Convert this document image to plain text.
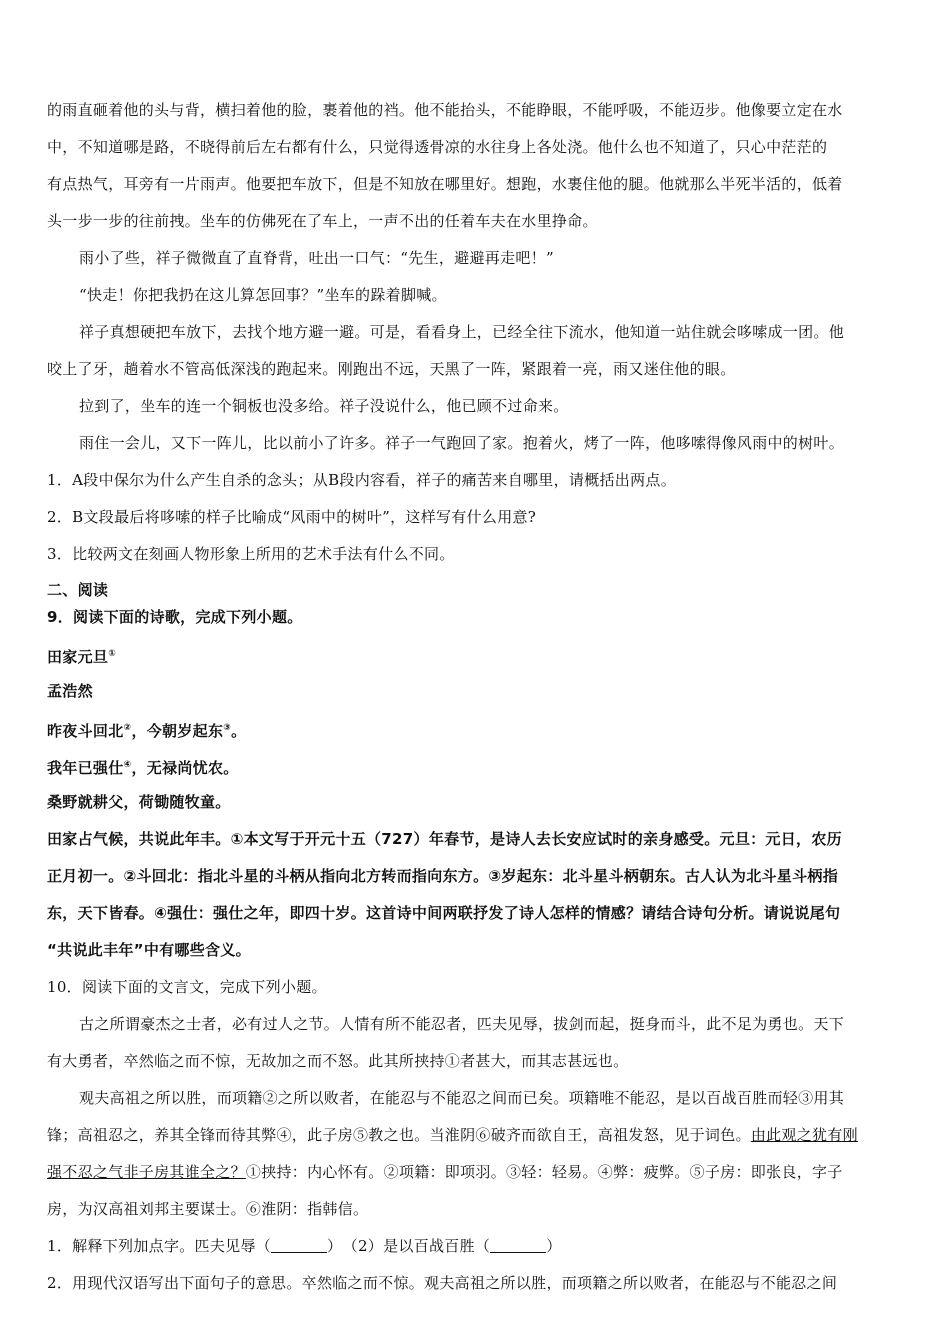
的雨直砸着他的头与背，横扫着他的脸，裹着他的裆。他不能抬头，不能睁眼，不能呼吸，不能迈步。他像要立定在水
中，不知道哪是路，不晓得前后左右都有什么，只觉得透骨凉的水往身上各处浇。他什么也不知道了，只心中茫茫的
有点热气，耳旁有一片雨声。他要把车放下，但是不知放在哪里好。想跑，水裹住他的腿。他就那么半死半活的，低着
头一步一步的往前拽。坐车的仿佛死在了车上，一声不出的任着车夫在水里挣命。
雨小了些，祥子微微直了直脊背，吐出一口气：“先生，避避再走吧！”
“快走！你把我扔在这儿算怎回事？”坐车的跺着脚喊。
祥子真想硬把车放下，去找个地方避一避。可是，看看身上，已经全往下流水，他知道一站住就会哆嗦成一团。他
咬上了牙，趟着水不管高低深浅的跑起来。刚跑出不远，天黑了一阵，紧跟着一亮，雨又迷住他的眼。
拉到了，坐车的连一个铜板也没多给。祥子没说什么，他已顾不过命来。
雨住一会儿，又下一阵儿，比以前小了许多。祥子一气跑回了家。抱着火，烤了一阵，他哆嗦得像风雨中的树叶。
1．A段中保尔为什么产生自杀的念头；从B段内容看，祥子的痛苦来自哪里，请概括出两点。
2．B文段最后将哆嗦的样子比喻成“风雨中的树叶”，这样写有什么用意?
3．比较两文在刻画人物形象上所用的艺术手法有什么不同。
二、阅读
9．阅读下面的诗歌，完成下列小题。
田家元旦①
孟浩然
昨夜斗回北②，今朝岁起东③。
我年已强仕④，无禄尚忧农。
桑野就耕父，荷锄随牧童。
田家占气候，共说此年丰。①本文写于开元十五（727）年春节，是诗人去长安应试时的亲身感受。元旦：元日，农历
正月初一。②斗回北：指北斗星的斗柄从指向北方转而指向东方。③岁起东：北斗星斗柄朝东。古人认为北斗星斗柄指
东，天下皆春。④强仕：强仕之年，即四十岁。这首诗中间两联抒发了诗人怎样的情感？请结合诗句分析。请说说尾句
“共说此丰年”中有哪些含义。
10．阅读下面的文言文，完成下列小题。
古之所谓豪杰之士者，必有过人之节。人情有所不能忍者，匹夫见辱，拔剑而起，挺身而斗，此不足为勇也。天下
有大勇者，卒然临之而不惊，无故加之而不怒。此其所挟持①者甚大，而其志甚远也。
观夫高祖之所以胜，而项籍②之所以败者，在能忍与不能忍之间而已矣。项籍唯不能忍，是以百战百胜而轻③用其
锋；高祖忍之，养其全锋而待其弊④，此子房⑤教之也。当淮阴⑥破齐而欲自王，高祖发怒，见于词色。由此观之犹有刚
强不忍之气非子房其谁全之？①挟持：内心怀有。②项籍：即项羽。③轻：轻易。④弊：疲弊。⑤子房：即张良，字子
房，为汉高祖刘邦主要谋士。⑥淮阴：指韩信。
1．解释下列加点字。匹夫见辱（	）　（2）是以百战百胜（	）
2．用现代汉语写出下面句子的意思。卒然临之而不惊。观夫高祖之所以胜，而项籍之所以败者，在能忍与不能忍之间
